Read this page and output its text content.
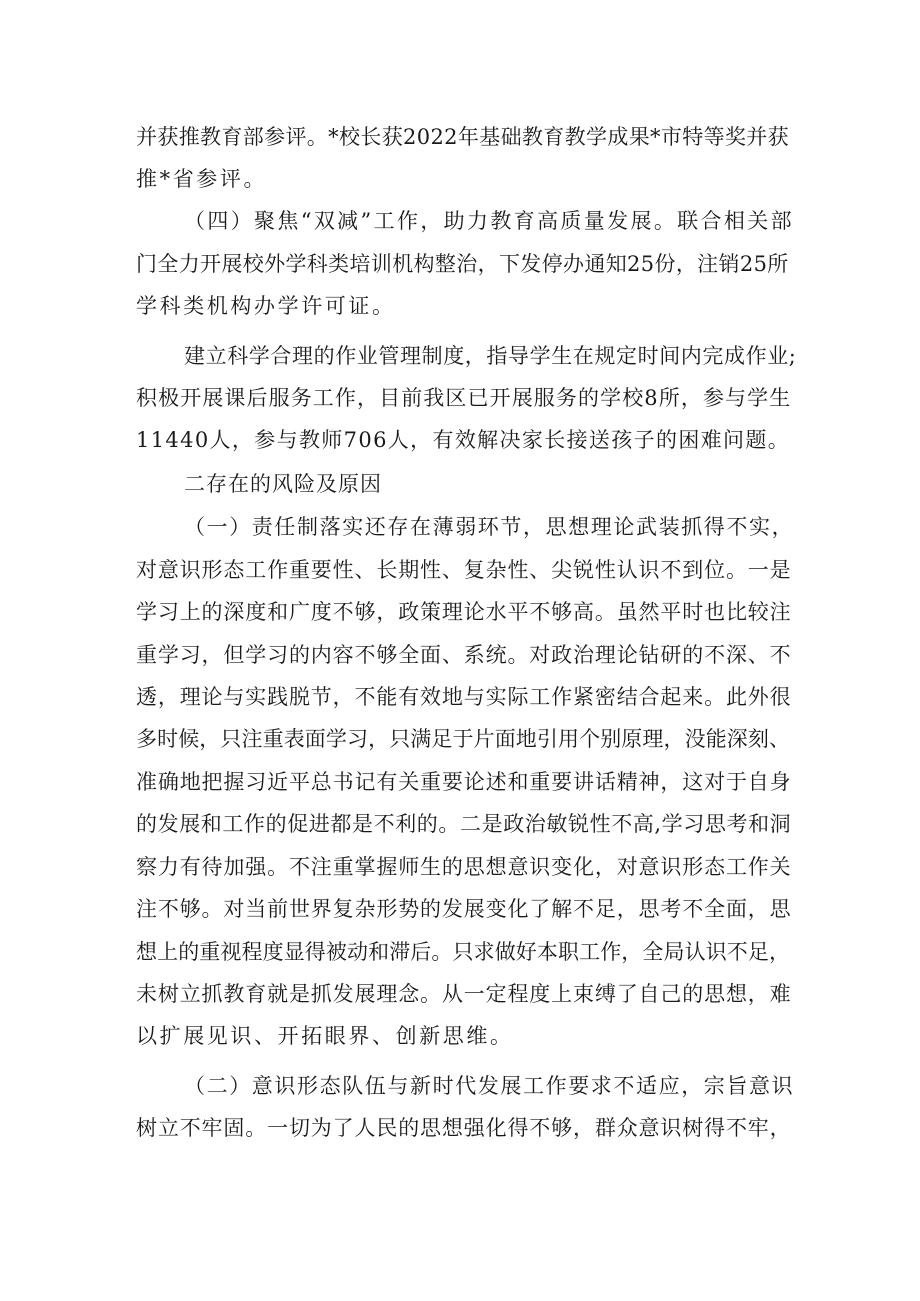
并获推教育部参评。*校长获2022年基础教育教学成果*市特等奖并获
推*省参评。
（四）聚焦“双减”工作，助力教育高质量发展。联合相关部
门全力开展校外学科类培训机构整治，下发停办通知25份，注销25所
学科类机构办学许可证。
建立科学合理的作业管理制度，指导学生在规定时间内完成作业;
积极开展课后服务工作，目前我区已开展服务的学校8所，参与学生
11440人，参与教师706人，有效解决家长接送孩子的困难问题。
二存在的风险及原因
（一）责任制落实还存在薄弱环节，思想理论武装抓得不实，
对意识形态工作重要性、长期性、复杂性、尖锐性认识不到位。一是
学习上的深度和广度不够，政策理论水平不够高。虽然平时也比较注
重学习，但学习的内容不够全面、系统。对政治理论钻研的不深、不
透，理论与实践脱节，不能有效地与实际工作紧密结合起来。此外很
多时候，只注重表面学习，只满足于片面地引用个别原理，没能深刻、
准确地把握习近平总书记有关重要论述和重要讲话精神，这对于自身
的发展和工作的促进都是不利的。二是政治敏锐性不高,学习思考和洞
察力有待加强。不注重掌握师生的思想意识变化，对意识形态工作关
注不够。对当前世界复杂形势的发展变化了解不足，思考不全面，思
想上的重视程度显得被动和滞后。只求做好本职工作，全局认识不足，
未树立抓教育就是抓发展理念。从一定程度上束缚了自己的思想，难
以扩展见识、开拓眼界、创新思维。
（二）意识形态队伍与新时代发展工作要求不适应，宗旨意识
树立不牢固。一切为了人民的思想强化得不够，群众意识树得不牢，
